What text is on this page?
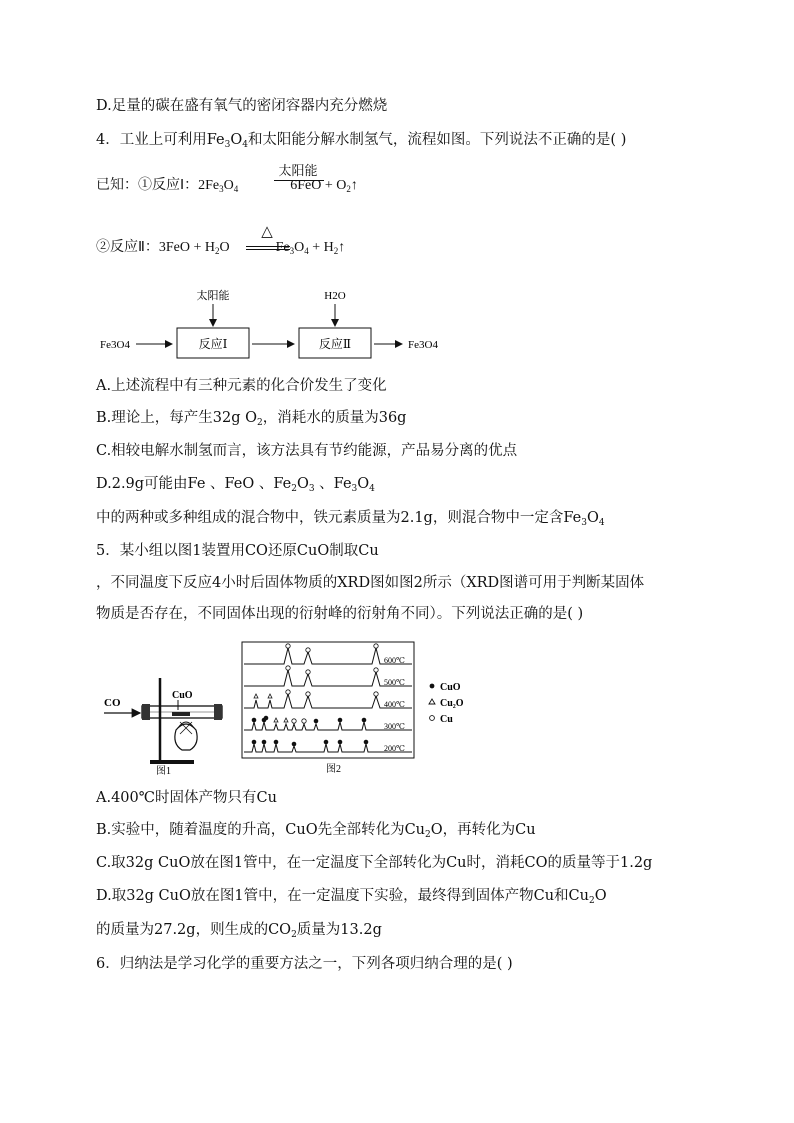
D.足量的碳在盛有氧气的密闭容器内充分燃烧
4．工业上可利用$Fe_3O_4$和太阳能分解水制氢气，流程如图。下列说法不正确的是( )
已知：①反应Ⅰ：$2Fe_3O_4$	$6FeO + O_2↑$
太阳能
②反应Ⅱ：$3FeO + H_2O$	$Fe_3O_4$ + $H_2↑$
△
Fe3O4	反应Ⅰ
太阳能
反应Ⅱ
H2O
Fe3O4
A.上述流程中有三种元素的化合价发生了变化
B.理论上，每产生32g $O_2$，消耗水的质量为36g
C.相较电解水制氢而言，该方法具有节约能源，产品易分离的优点
D.2.9g可能由Fe 、FeO 、$Fe_2O_3$ 、$Fe_3O_4$
中的两种或多种组成的混合物中，铁元素质量为2.1g，则混合物中一定含$Fe_3O_4$
5．某小组以图1装置用CO还原CuO制取Cu
，不同温度下反应4小时后固体物质的XRD图如图2所示（XRD图谱可用于判断某固体
物质是否存在，不同固体出现的衍射峰的衍射角不同）。下列说法正确的是( )
CO
CuO
图1
600℃
500℃
400℃
300℃
200℃
CuO
Cu₂O
Cu
图2
A.400℃时固体产物只有Cu
B.实验中，随着温度的升高，CuO先全部转化为$Cu_2O$，再转化为Cu
C.取32g CuO放在图1管中，在一定温度下全部转化为Cu时，消耗CO的质量等于1.2g
D.取32g CuO放在图1管中，在一定温度下实验，最终得到固体产物Cu和$Cu_2O$
的质量为27.2g，则生成的$CO_2$质量为13.2g
6．归纳法是学习化学的重要方法之一，下列各项归纳合理的是( )
